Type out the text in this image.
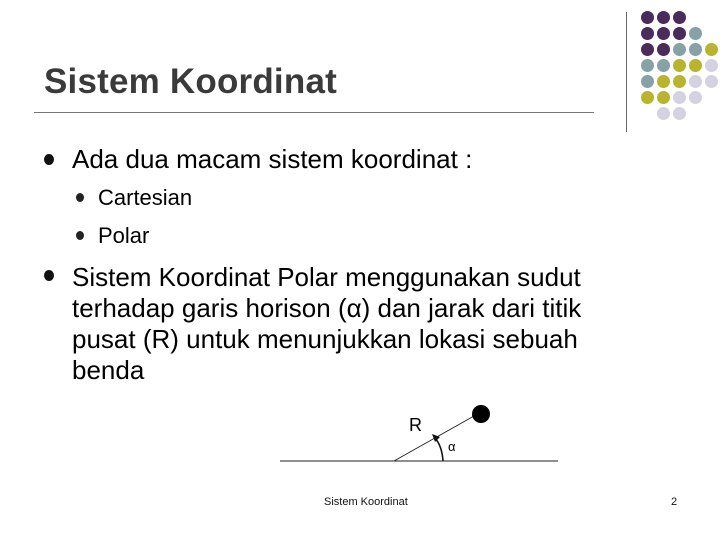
Sistem Koordinat
Ada dua macam sistem koordinat :
Cartesian
Polar
Sistem Koordinat Polar menggunakan sudut
terhadap garis horison (α) dan jarak dari titik
pusat (R) untuk menunjukkan lokasi sebuah
benda
R
α
Sistem Koordinat	2
